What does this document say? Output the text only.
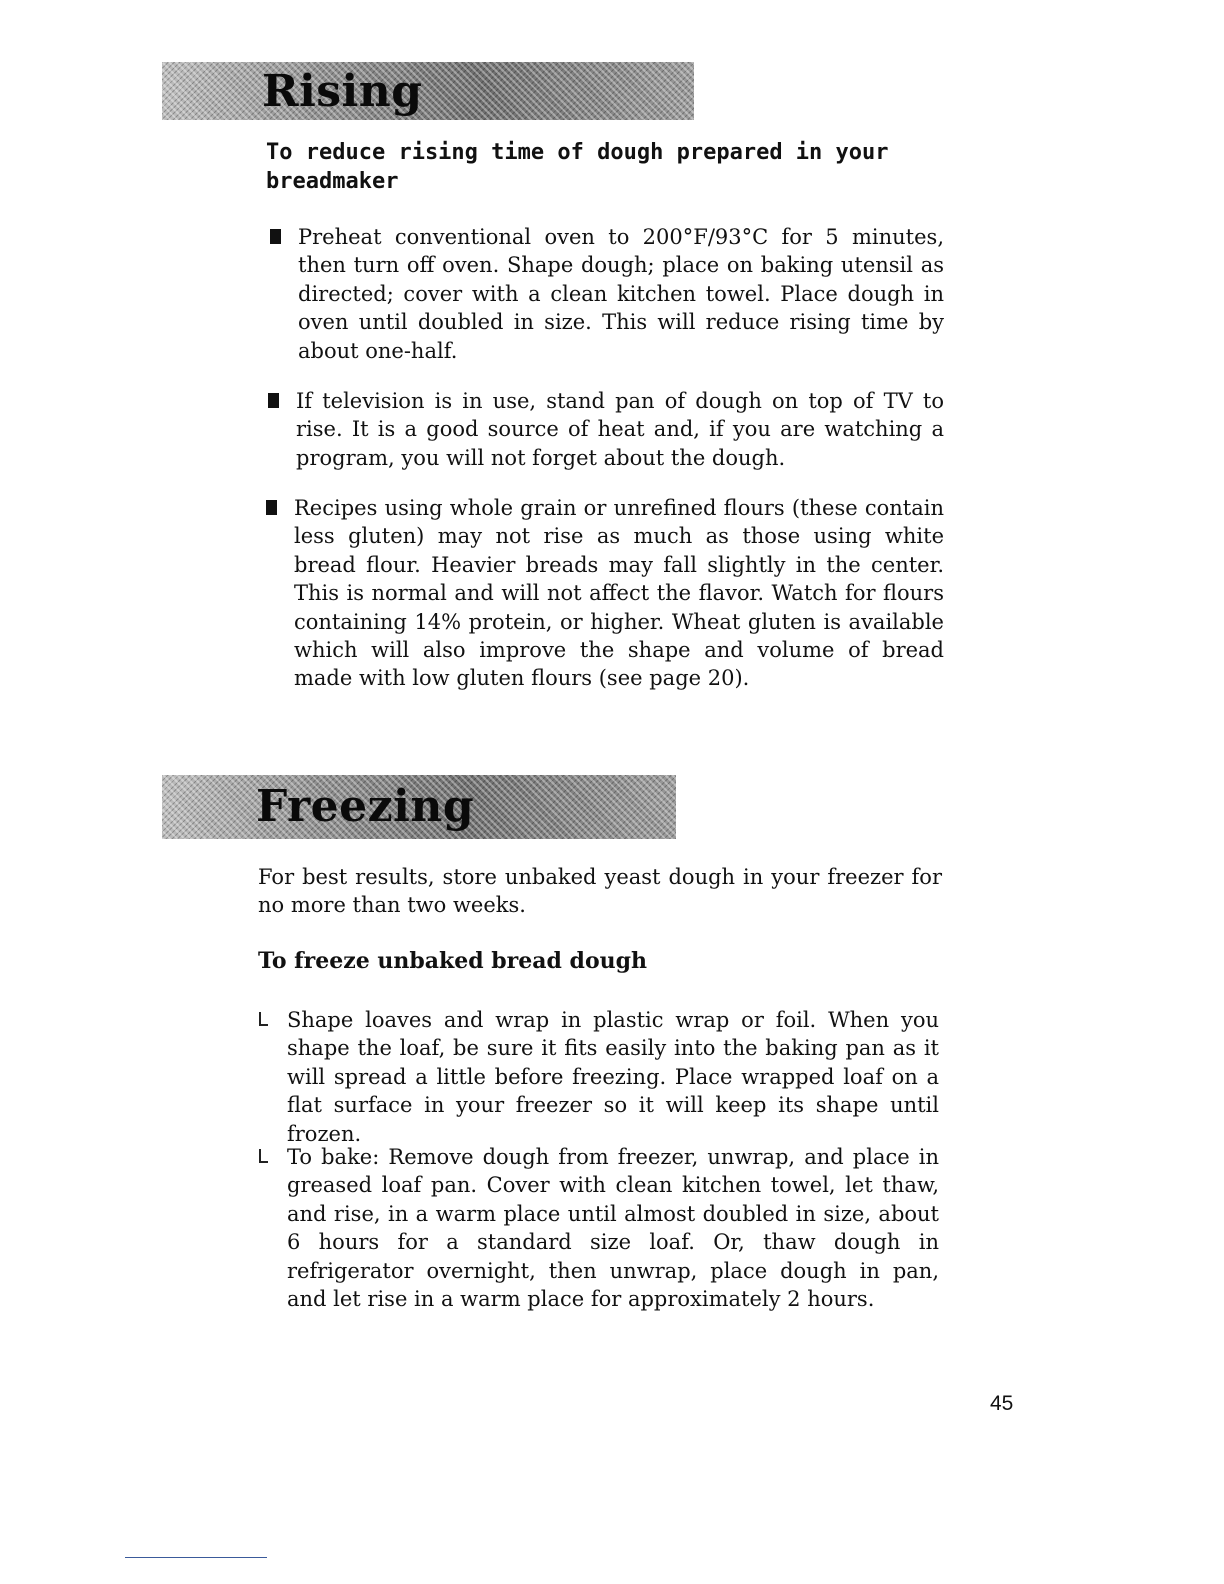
Rising
To reduce rising time of dough prepared in your breadmaker
Preheat conventional oven to 200°F/93°C for 5 minutes, then turn off oven. Shape dough; place on baking utensil as directed; cover with a clean kitchen towel. Place dough in oven until doubled in size. This will reduce rising time by about one-half.
If television is in use, stand pan of dough on top of TV to rise. It is a good source of heat and, if you are watching a program, you will not forget about the dough.
Recipes using whole grain or unrefined flours (these contain less gluten) may not rise as much as those using white bread flour. Heavier breads may fall slightly in the center. This is normal and will not affect the flavor. Watch for flours containing 14% protein, or higher. Wheat gluten is available which will also improve the shape and volume of bread made with low gluten flours (see page 20).
Freezing
For best results, store unbaked yeast dough in your freezer for no more than two weeks.
To freeze unbaked bread dough
Shape loaves and wrap in plastic wrap or foil. When you shape the loaf, be sure it fits easily into the baking pan as it will spread a little before freezing. Place wrapped loaf on a flat surface in your freezer so it will keep its shape until frozen.
To bake: Remove dough from freezer, unwrap, and place in greased loaf pan. Cover with clean kitchen towel, let thaw, and rise, in a warm place until almost doubled in size, about 6 hours for a standard size loaf. Or, thaw dough in refrigerator overnight, then unwrap, place dough in pan, and let rise in a warm place for approximately 2 hours.
45
